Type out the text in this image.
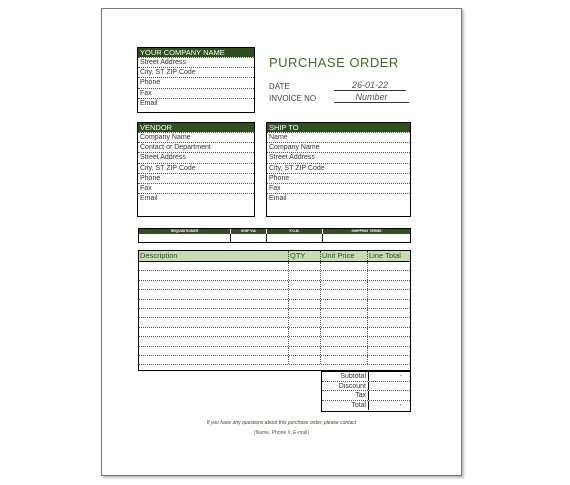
YOUR COMPANY NAME
Street Address
City, ST ZIP Code
Phone
Fax
Email
PURCHASE ORDER
DATE	26-01-22
INVOICE NO	Number
VENDOR
Company Name
Contact or Department
Street Address
City, ST ZIP Code
Phone
Fax
Email
SHIP TO
Name
Company Name
Street Address
City, ST ZIP Code
Phone
Fax
Email
REQUISITIONER	SHIP VIA	F.O.B.	SHIPPING TERMS
Description	QTY	Unit Price	Line Total
Subtotal	-
Discount
Tax
Total	-
If you have any questions about this purchase order, please contact
[Name, Phone #, E-mail]
